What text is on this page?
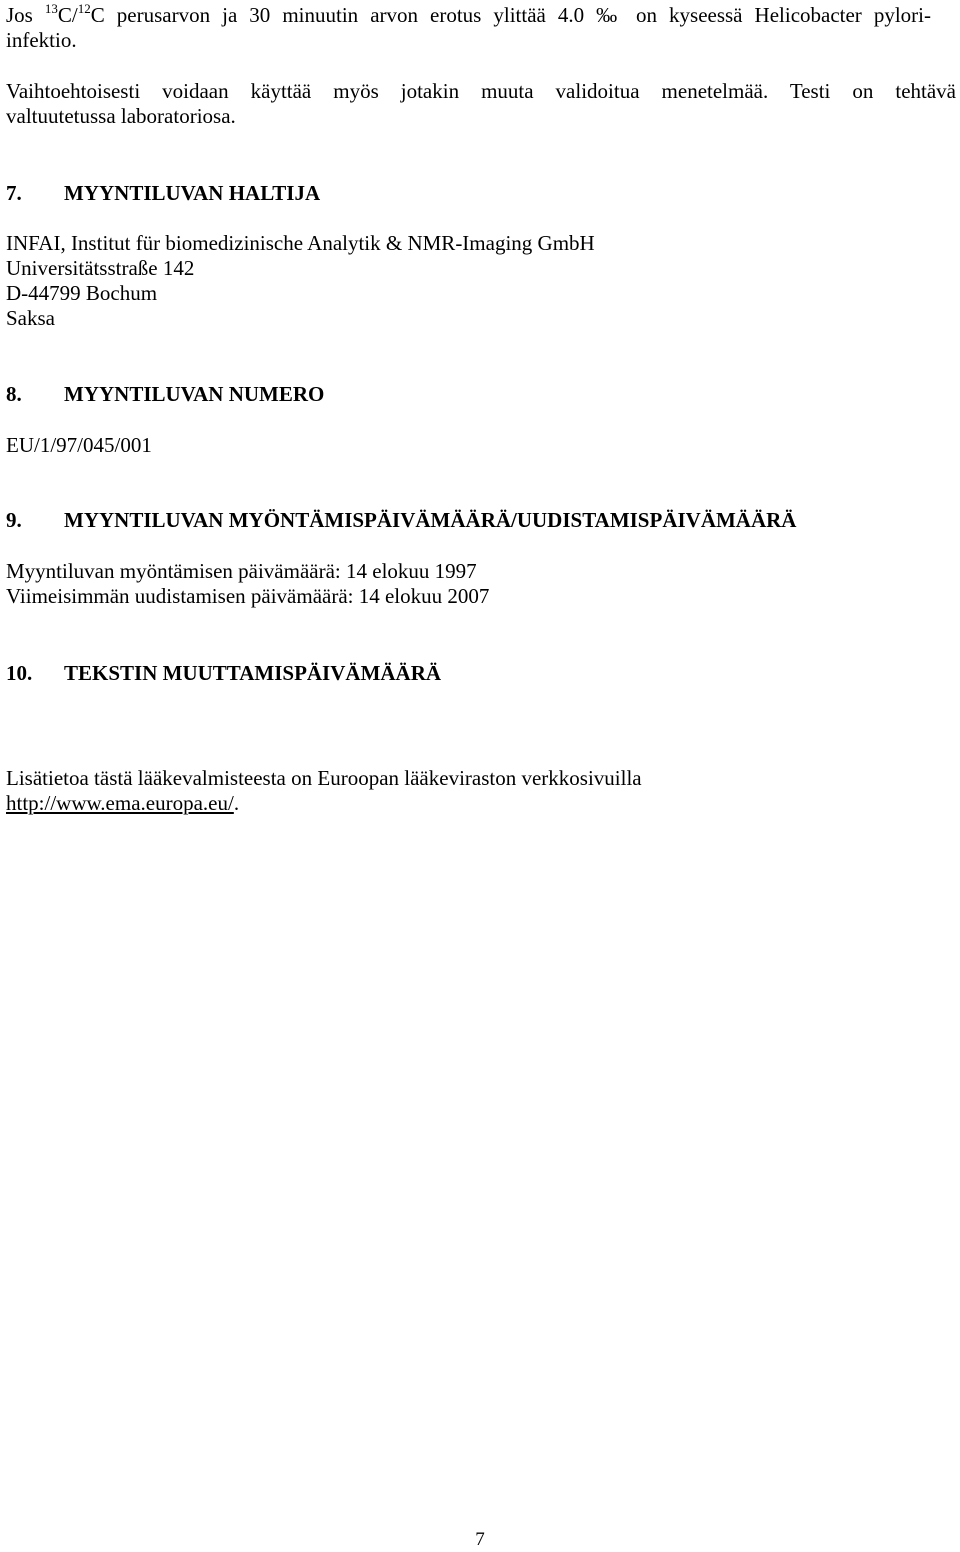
Jos $^{13}$C/$^{12}$C perusarvon ja 30 minuutin arvon erotus ylittää 4.0 ‰ on kyseessä Helicobacter pylori-
infektio.
Vaihtoehtoisesti voidaan käyttää myös jotakin muuta validoitua menetelmää. Testi on tehtävä
valtuutetussa laboratoriosa.
7. MYYNTILUVAN HALTIJA
INFAI, Institut für biomedizinische Analytik & NMR-Imaging GmbH
Universitätsstraße 142
D-44799 Bochum
Saksa
8. MYYNTILUVAN NUMERO
EU/1/97/045/001
9. MYYNTILUVAN MYÖNTÄMISPÄIVÄMÄÄRÄ/UUDISTAMISPÄIVÄMÄÄRÄ
Myyntiluvan myöntämisen päivämäärä: 14 elokuu 1997
Viimeisimmän uudistamisen päivämäärä: 14 elokuu 2007
10. TEKSTIN MUUTTAMISPÄIVÄMÄÄRÄ
Lisätietoa tästä lääkevalmisteesta on Euroopan lääkeviraston verkkosivuilla
http://www.ema.europa.eu/.
7
